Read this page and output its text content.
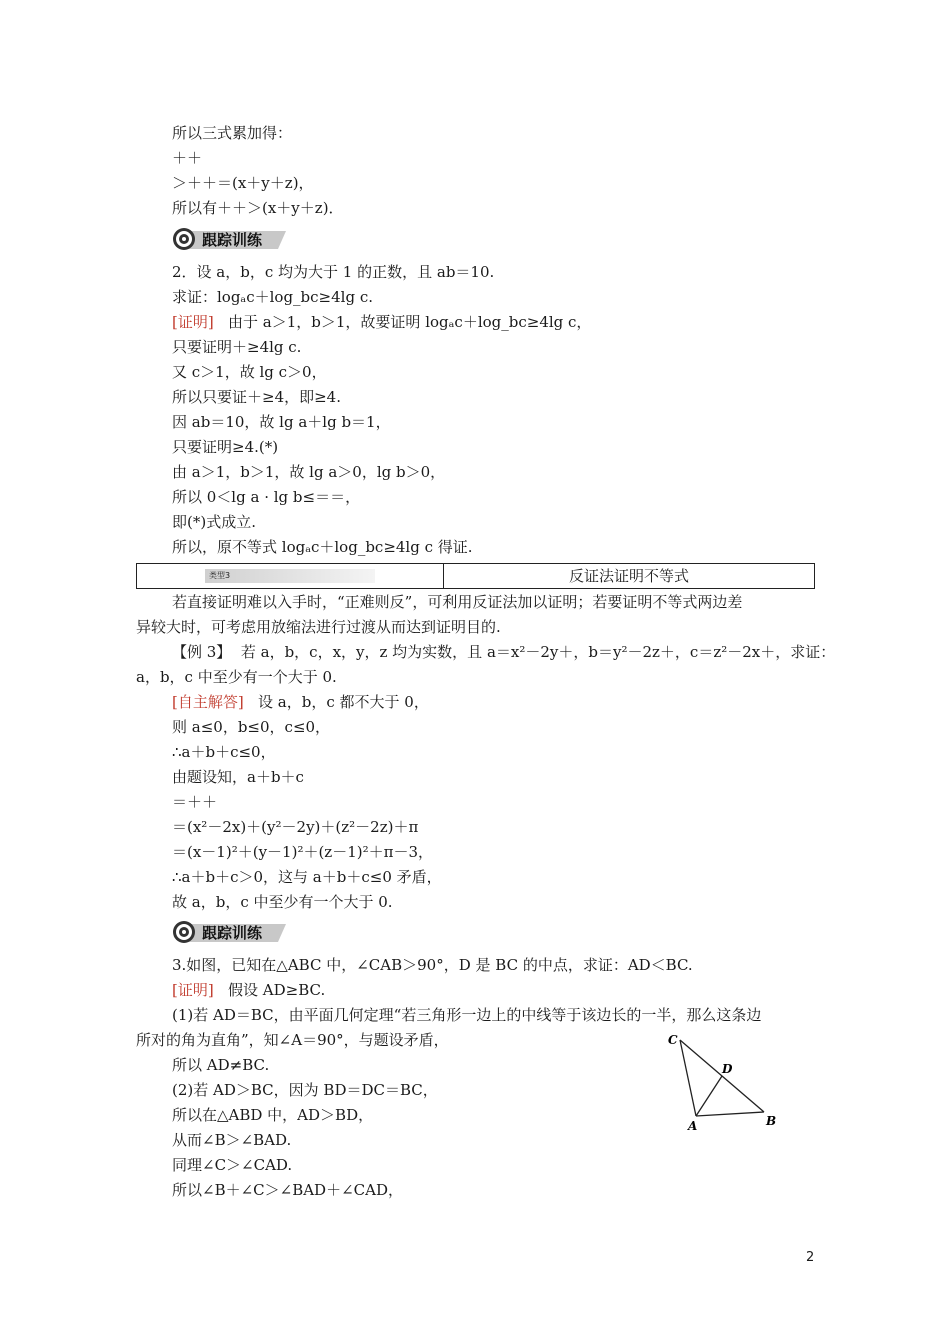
所以三式累加得：
＋＋
＞＋＋＝(x＋y＋z)，
所以有＋＋＞(x＋y＋z)．
跟踪训练
2．设 a，b，c 均为大于 1 的正数，且 ab＝10.
求证：logₐc＋log_bc≥4lg c.
[证明] 由于 a＞1，b＞1，故要证明 logₐc＋log_bc≥4lg c，
只要证明＋≥4lg c.
又 c＞1，故 lg c＞0，
所以只要证＋≥4，即≥4.
因 ab＝10，故 lg a＋lg b＝1，
只要证明≥4.(*)
由 a＞1，b＞1，故 lg a＞0，lg b＞0，
所以 0＜lg a · lg b≤＝＝，
即(*)式成立.
所以，原不等式 logₐc＋log_bc≥4lg c 得证.
类型3	反证法证明不等式
若直接证明难以入手时，“正难则反”，可利用反证法加以证明；若要证明不等式两边差
异较大时，可考虑用放缩法进行过渡从而达到证明目的.
【例 3】 若 a，b，c，x，y，z 均为实数，且 a＝x²－2y＋，b＝y²－2z＋，c＝z²－2x＋，求证：
a，b，c 中至少有一个大于 0.
[自主解答] 设 a，b，c 都不大于 0，
则 a≤0，b≤0，c≤0，
∴a＋b＋c≤0，
由题设知，a＋b＋c
＝＋＋
＝(x²－2x)＋(y²－2y)＋(z²－2z)＋π
＝(x－1)²＋(y－1)²＋(z－1)²＋π－3，
∴a＋b＋c＞0，这与 a＋b＋c≤0 矛盾，
故 a，b，c 中至少有一个大于 0.
跟踪训练
3.如图，已知在△ABC 中，∠CAB＞90°，D 是 BC 的中点，求证：AD＜BC.
[证明] 假设 AD≥BC.
(1)若 AD＝BC，由平面几何定理“若三角形一边上的中线等于该边长的一半，那么这条边
所对的角为直角”，知∠A＝90°，与题设矛盾，
所以 AD≠BC.
(2)若 AD＞BC，因为 BD＝DC＝BC，
所以在△ABD 中，AD＞BD，
从而∠B＞∠BAD.
同理∠C＞∠CAD.
所以∠B＋∠C＞∠BAD＋∠CAD，
C
A	B
D
2
